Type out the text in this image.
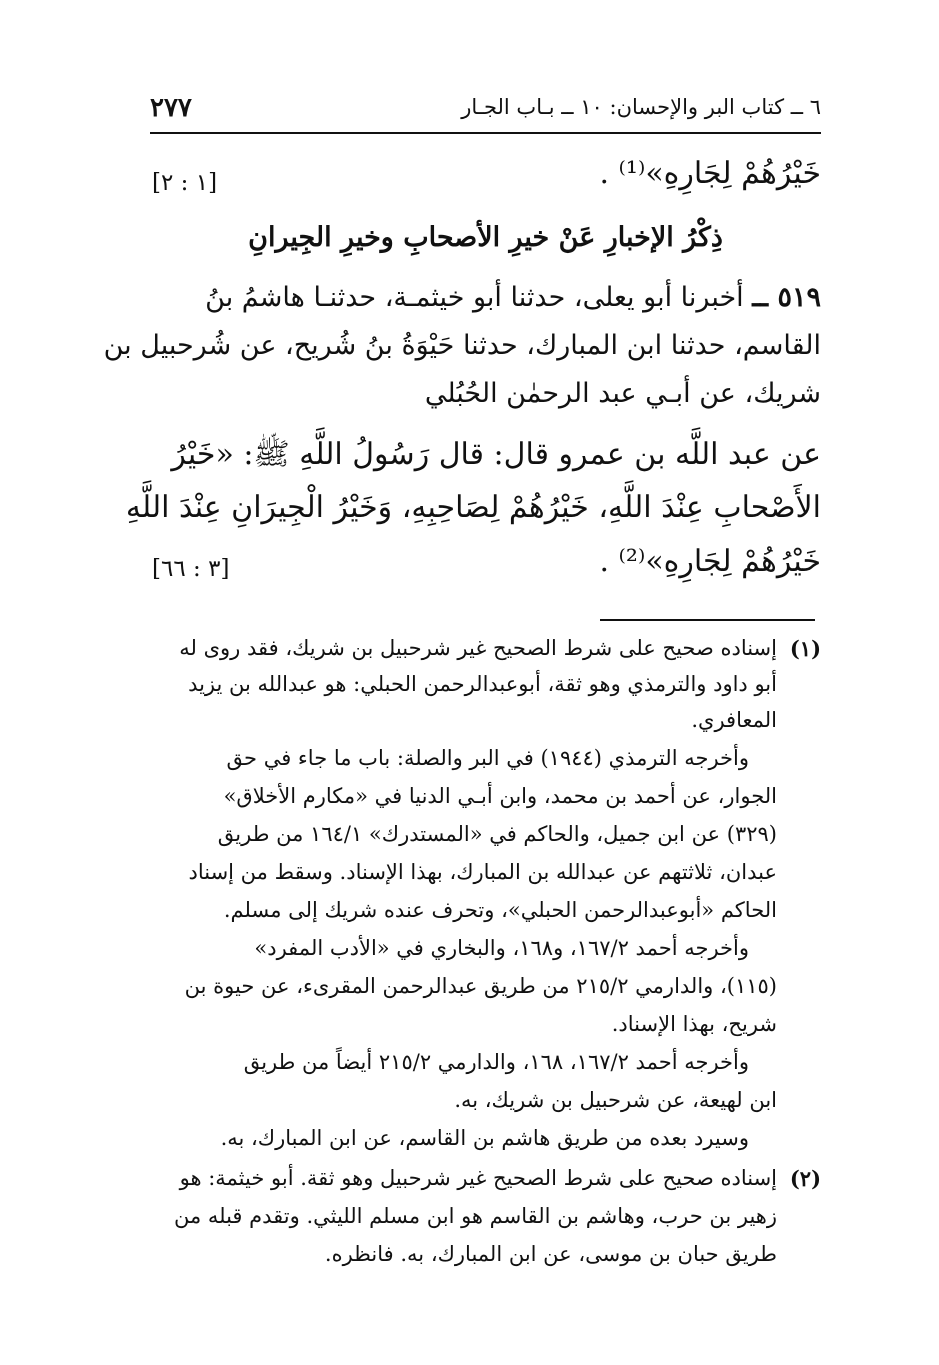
٦ ــ كتاب البر والإحسان: ١٠ ــ بـاب الجـار
٢٧٧
خَيْرُهُمْ لِجَارِهِ»⁽¹⁾ .
[١ : ٢]
ذِكْرُ الإخبارِ عَنْ خيرِ الأصحابِ وخيرِ الجِيرانِ
٥١٩ ــ أخبرنا أبو يعلى، حدثنا أبو خيثمـة، حدثنـا هاشمُ بنُ
القاسم، حدثنا ابن المبارك، حدثنا حَيْوَةُ بنُ شُريح، عن شُرحبيل بن
شريك، عن أبـي عبد الرحمٰن الحُبُلي
عن عبد اللَّه بن عمرو قال: قال رَسُولُ اللَّهِ ﷺ: «خَيْرُ
الأَصْحابِ عِنْدَ اللَّهِ، خَيْرُهُمْ لِصَاحِبِهِ، وَخَيْرُ الْجِيرَانِ عِنْدَ اللَّهِ
خَيْرُهُمْ لِجَارِهِ»⁽²⁾ .
[٣ : ٦٦]
(١)
إسناده صحيح على شرط الصحيح غير شرحبيل بن شريك، فقد روى له
أبو داود والترمذي وهو ثقة، أبوعبدالرحمن الحبلي: هو عبدالله بن يزيد
المعافري.
وأخرجه الترمذي (١٩٤٤) في البر والصلة: باب ما جاء في حق
الجوار، عن أحمد بن محمد، وابن أبـي الدنيا في «مكارم الأخلاق»
(٣٢٩) عن ابن جميل، والحاكم في «المستدرك» ١٦٤/١ من طريق
عبدان، ثلاثتهم عن عبدالله بن المبارك، بهذا الإسناد. وسقط من إسناد
الحاكم «أبوعبدالرحمن الحبلي»، وتحرف عنده شريك إلى مسلم.
وأخرجه أحمد ١٦٧/٢، و١٦٨، والبخاري في «الأدب المفرد»
(١١٥)، والدارمي ٢١٥/٢ من طريق عبدالرحمن المقرىء، عن حيوة بن
شريح، بهذا الإسناد.
وأخرجه أحمد ١٦٧/٢، ١٦٨، والدارمي ٢١٥/٢ أيضاً من طريق
ابن لهيعة، عن شرحبيل بن شريك، به.
وسيرد بعده من طريق هاشم بن القاسم، عن ابن المبارك، به.
(٢)
إسناده صحيح على شرط الصحيح غير شرحبيل وهو ثقة. أبو خيثمة: هو
زهير بن حرب، وهاشم بن القاسم هو ابن مسلم الليثي. وتقدم قبله من
طريق حبان بن موسى، عن ابن المبارك، به. فانظره.
